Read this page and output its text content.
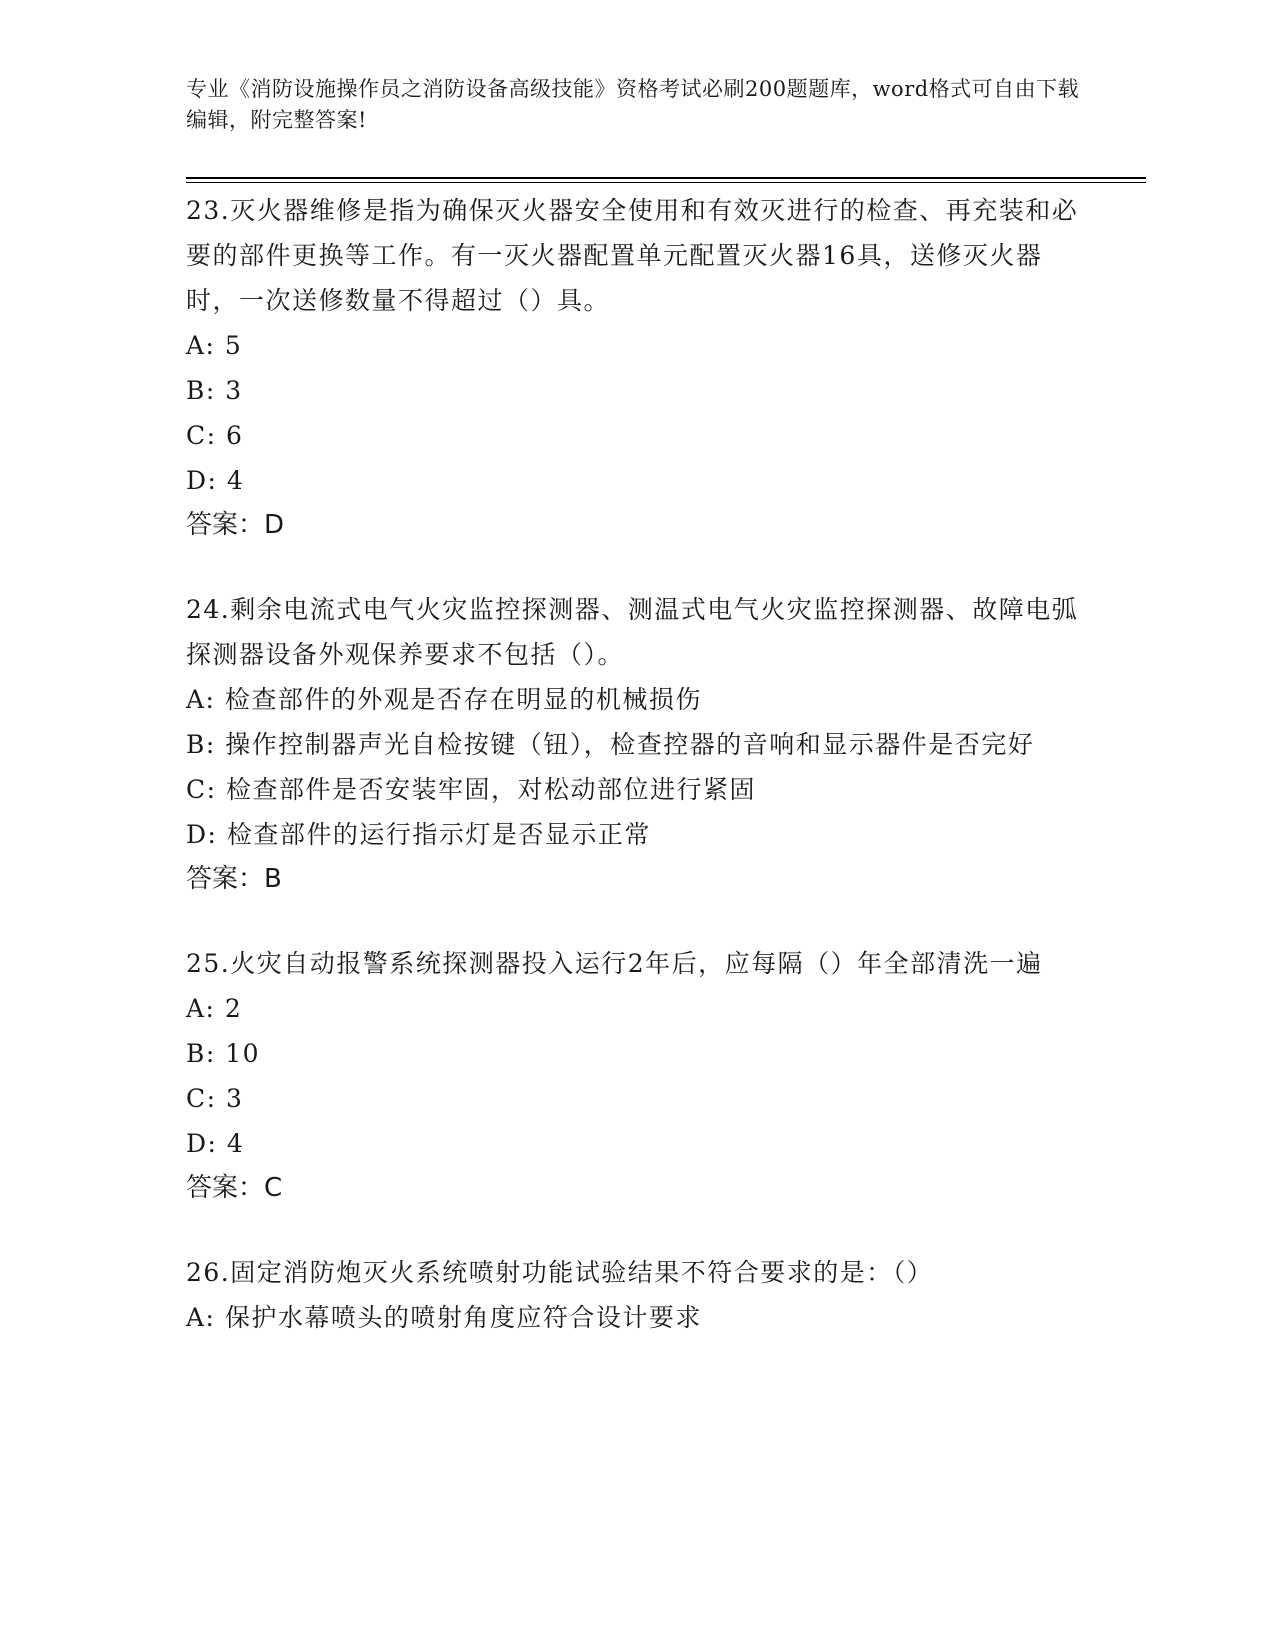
专业《消防设施操作员之消防设备高级技能》资格考试必刷200题题库，word格式可自由下载编辑，附完整答案!
23.灭火器维修是指为确保灭火器安全使用和有效灭进行的检查、再充装和必要的部件更换等工作。有一灭火器配置单元配置灭火器16具，送修灭火器时，一次送修数量不得超过（）具。
A: 5
B: 3
C: 6
D: 4
答案：D
24.剩余电流式电气火灾监控探测器、测温式电气火灾监控探测器、故障电弧探测器设备外观保养要求不包括（）。
A: 检查部件的外观是否存在明显的机械损伤
B: 操作控制器声光自检按键（钮），检查控器的音响和显示器件是否完好
C: 检查部件是否安装牢固，对松动部位进行紧固
D: 检查部件的运行指示灯是否显示正常
答案：B
25.火灾自动报警系统探测器投入运行2年后，应每隔（）年全部清洗一遍
A: 2
B: 10
C: 3
D: 4
答案：C
26.固定消防炮灭火系统喷射功能试验结果不符合要求的是：（）
A: 保护水幕喷头的喷射角度应符合设计要求
